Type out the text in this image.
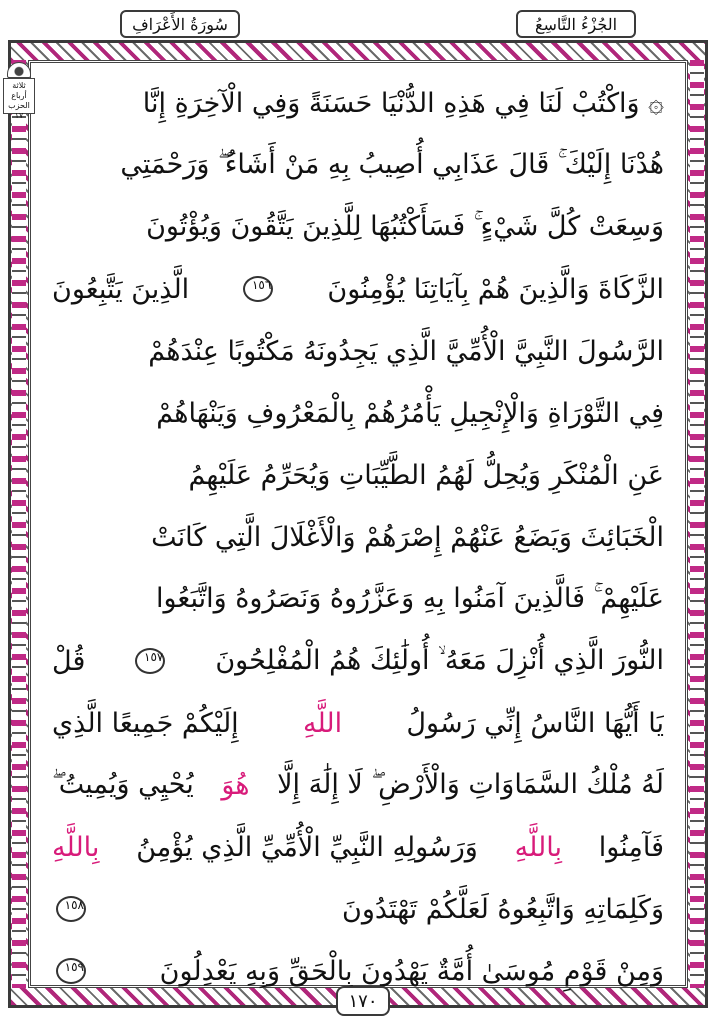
سُورَةُ الأَعْرَافِ	الجُزْءُ التَّاسِعُ
ثلاثة أرباع
الحزب
١٧	۞ وَاكْتُبْ لَنَا فِي هَذِهِ الدُّنْيَا حَسَنَةً وَفِي الْآخِرَةِ إِنَّا
هُدْنَا إِلَيْكَ ۚ قَالَ عَذَابِي أُصِيبُ بِهِ مَنْ أَشَاءُ ۖ وَرَحْمَتِي
وَسِعَتْ كُلَّ شَيْءٍ ۚ فَسَأَكْتُبُهَا لِلَّذِينَ يَتَّقُونَ وَيُؤْتُونَ
الزَّكَاةَ وَالَّذِينَ هُمْ بِآيَاتِنَا يُؤْمِنُونَ
١٥٦
الَّذِينَ يَتَّبِعُونَ
الرَّسُولَ النَّبِيَّ الْأُمِّيَّ الَّذِي يَجِدُونَهُ مَكْتُوبًا عِنْدَهُمْ
فِي التَّوْرَاةِ وَالْإِنْجِيلِ يَأْمُرُهُمْ بِالْمَعْرُوفِ وَيَنْهَاهُمْ
عَنِ الْمُنْكَرِ وَيُحِلُّ لَهُمُ الطَّيِّبَاتِ وَيُحَرِّمُ عَلَيْهِمُ
الْخَبَائِثَ وَيَضَعُ عَنْهُمْ إِصْرَهُمْ وَالْأَغْلَالَ الَّتِي كَانَتْ
عَلَيْهِمْ ۚ فَالَّذِينَ آمَنُوا بِهِ وَعَزَّرُوهُ وَنَصَرُوهُ وَاتَّبَعُوا
النُّورَ الَّذِي أُنْزِلَ مَعَهُ ۙ أُولَٰئِكَ هُمُ الْمُفْلِحُونَ
١٥٧
قُلْ
يَا أَيُّهَا النَّاسُ إِنِّي رَسُولُ
اللَّهِ
إِلَيْكُمْ جَمِيعًا الَّذِي
لَهُ مُلْكُ السَّمَاوَاتِ وَالْأَرْضِ ۖ لَا إِلَٰهَ إِلَّا
هُوَ
يُحْيِي وَيُمِيتُ ۖ
فَآمِنُوا
بِاللَّهِ
وَرَسُولِهِ النَّبِيِّ الْأُمِّيِّ الَّذِي يُؤْمِنُ
بِاللَّهِ
وَكَلِمَاتِهِ وَاتَّبِعُوهُ لَعَلَّكُمْ تَهْتَدُونَ
١٥٨
وَمِنْ قَوْمِ مُوسَىٰ أُمَّةٌ يَهْدُونَ بِالْحَقِّ وَبِهِ يَعْدِلُونَ
١٥٩
١٧٠
